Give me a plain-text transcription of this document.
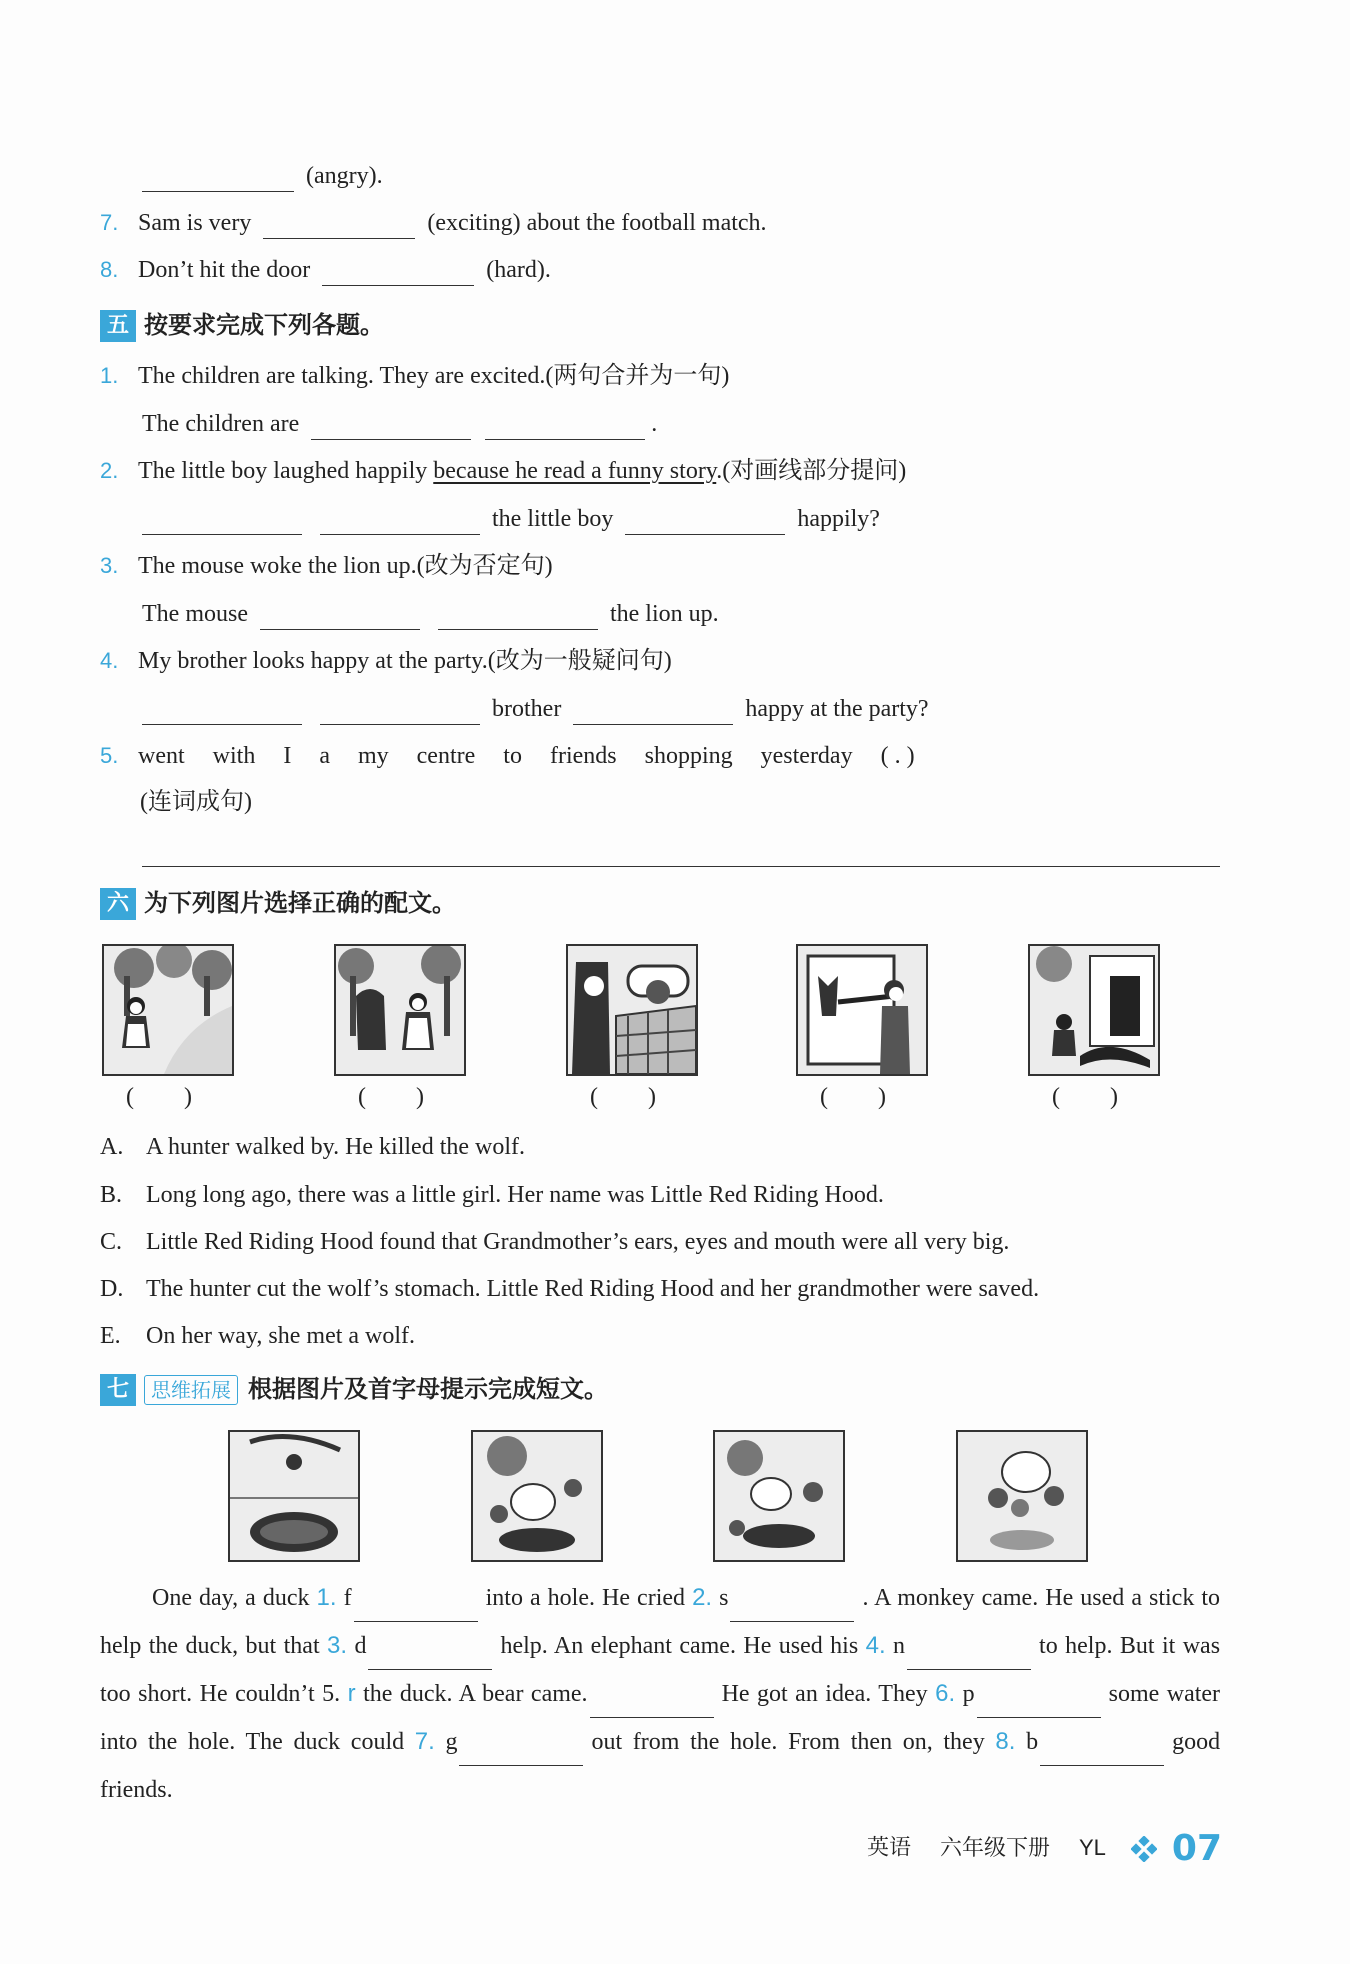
(angry).
7. Sam is very	(exciting) about the football match.
8. Don’t hit the door	(hard).
五 按要求完成下列各题。
1. The children are talking. They are excited.(两句合并为一句)
The children are	.
2. The little boy laughed happily because he read a funny story.(对画线部分提问)
the little boy	happily?
3. The mouse woke the lion up.(改为否定句)
The mouse	the lion up.
4. My brother looks happy at the party.(改为一般疑问句)
brother	happy at the party?
5. went with I a my centre to friends shopping yesterday ( . )
(连词成句)
六 为下列图片选择正确的配文。
( )	( )	( )	( )	( )
A. A hunter walked by. He killed the wolf.
B. Long long ago, there was a little girl. Her name was Little Red Riding Hood.
C. Little Red Riding Hood found that Grandmother’s ears, eyes and mouth were all very big.
D. The hunter cut the wolf’s stomach. Little Red Riding Hood and her grandmother were saved.
E. On her way, she met a wolf.
七 思维拓展 根据图片及首字母提示完成短文。
One day, a duck 1. f	into a hole. He cried 2. s	. A monkey came. He used a stick to help the duck, but that 3. d	help. An elephant came. He used his 4. n	to help. But it was too short. He couldn’t 5. r the duck. A bear came.	He got an idea. They 6. p	some water into the hole. The duck could 7. g	out from the hole. From then on, they 8. b	good friends.
英语 六年级下册 YL 07
